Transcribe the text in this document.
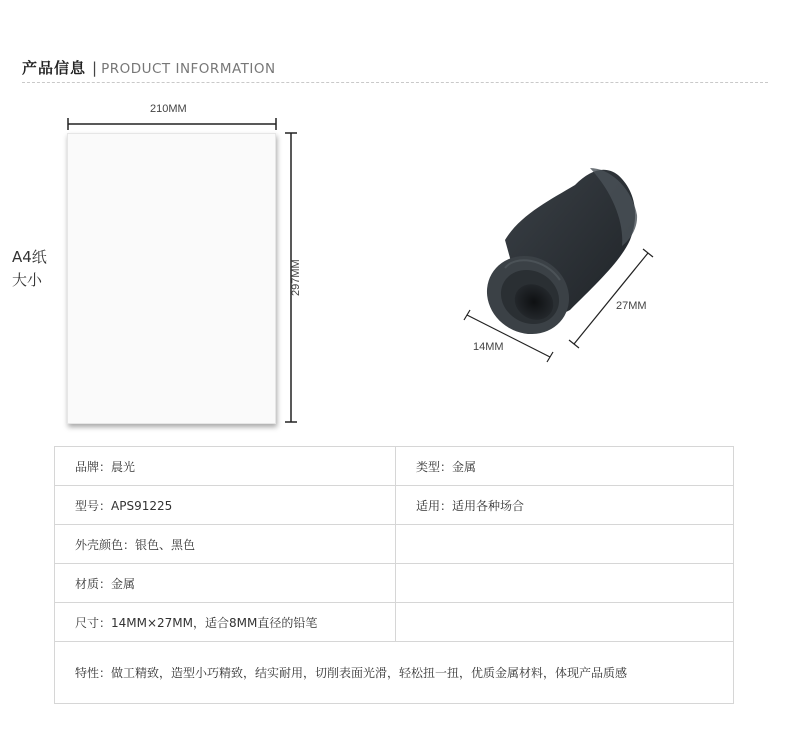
产品信息 | PRODUCT INFORMATION
A4纸
大小
210MM
297MM
14MM
27MM
品牌：晨光	类型：金属
型号：APS91225	适用：适用各种场合
外壳颜色：银色、黑色	
材质：金属	
尺寸：14MM×27MM，适合8MM直径的铅笔	
特性：做工精致，造型小巧精致，结实耐用，切削表面光滑，轻松扭一扭，优质金属材料，体现产品质感	
